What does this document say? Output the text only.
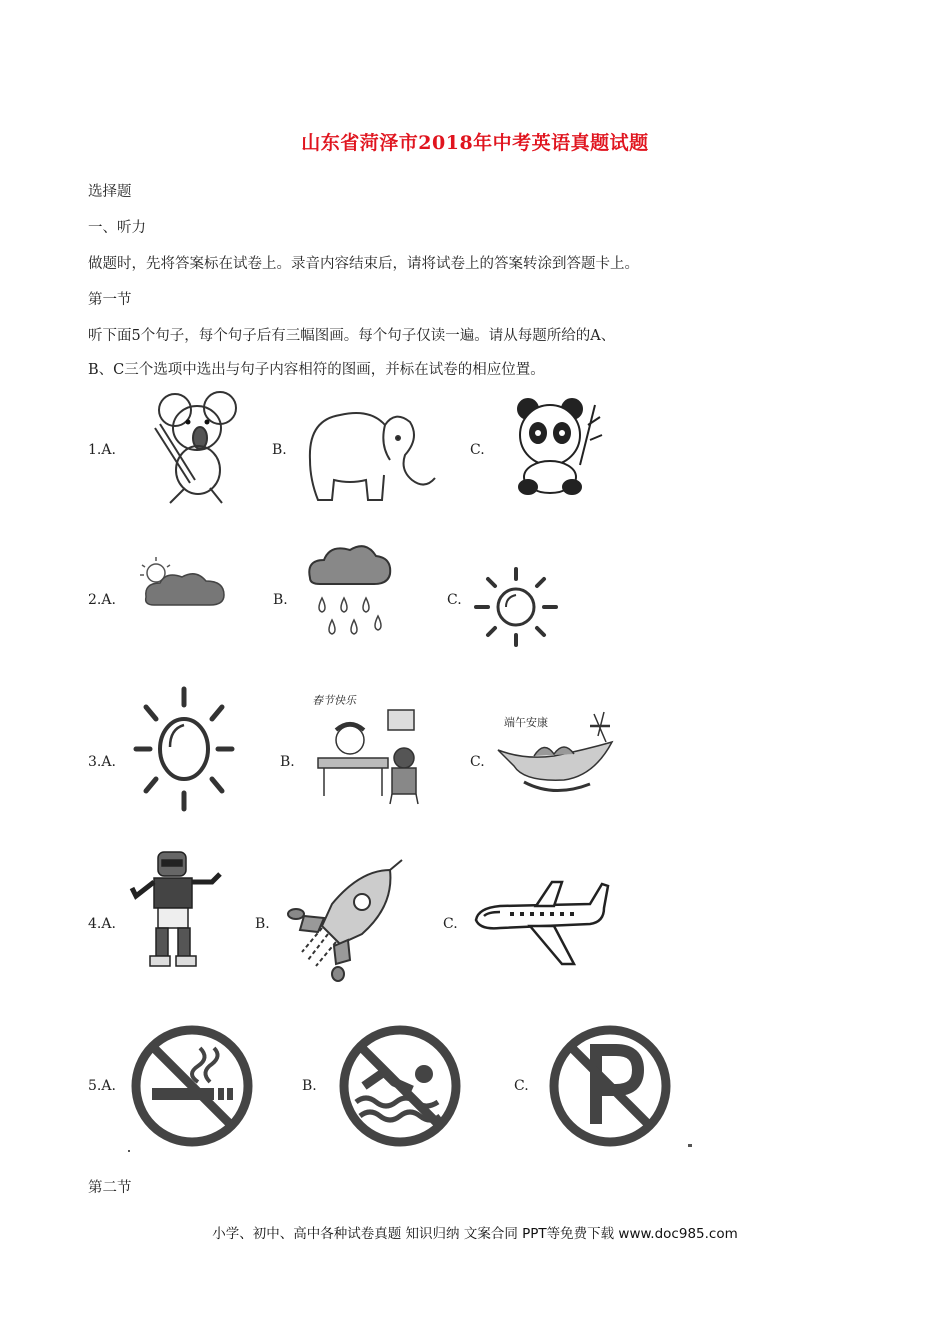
山东省菏泽市2018年中考英语真题试题
选择题
一、听力
做题时，先将答案标在试卷上。录音内容结束后，请将试卷上的答案转涂到答题卡上。
第一节
听下面5个句子，每个句子后有三幅图画。每个句子仅读一遍。请从每题所给的A、
B、C三个选项中选出与句子内容相符的图画，并标在试卷的相应位置。
1.A.	B.	C.
2.A.	B.	C.
3.A.	B.	C.
春节快乐
端午安康
4.A.	B.	C.
5.A.	B.	C.
第二节
小学、初中、高中各种试卷真题 知识归纳 文案合同 PPT等免费下载 www.doc985.com
